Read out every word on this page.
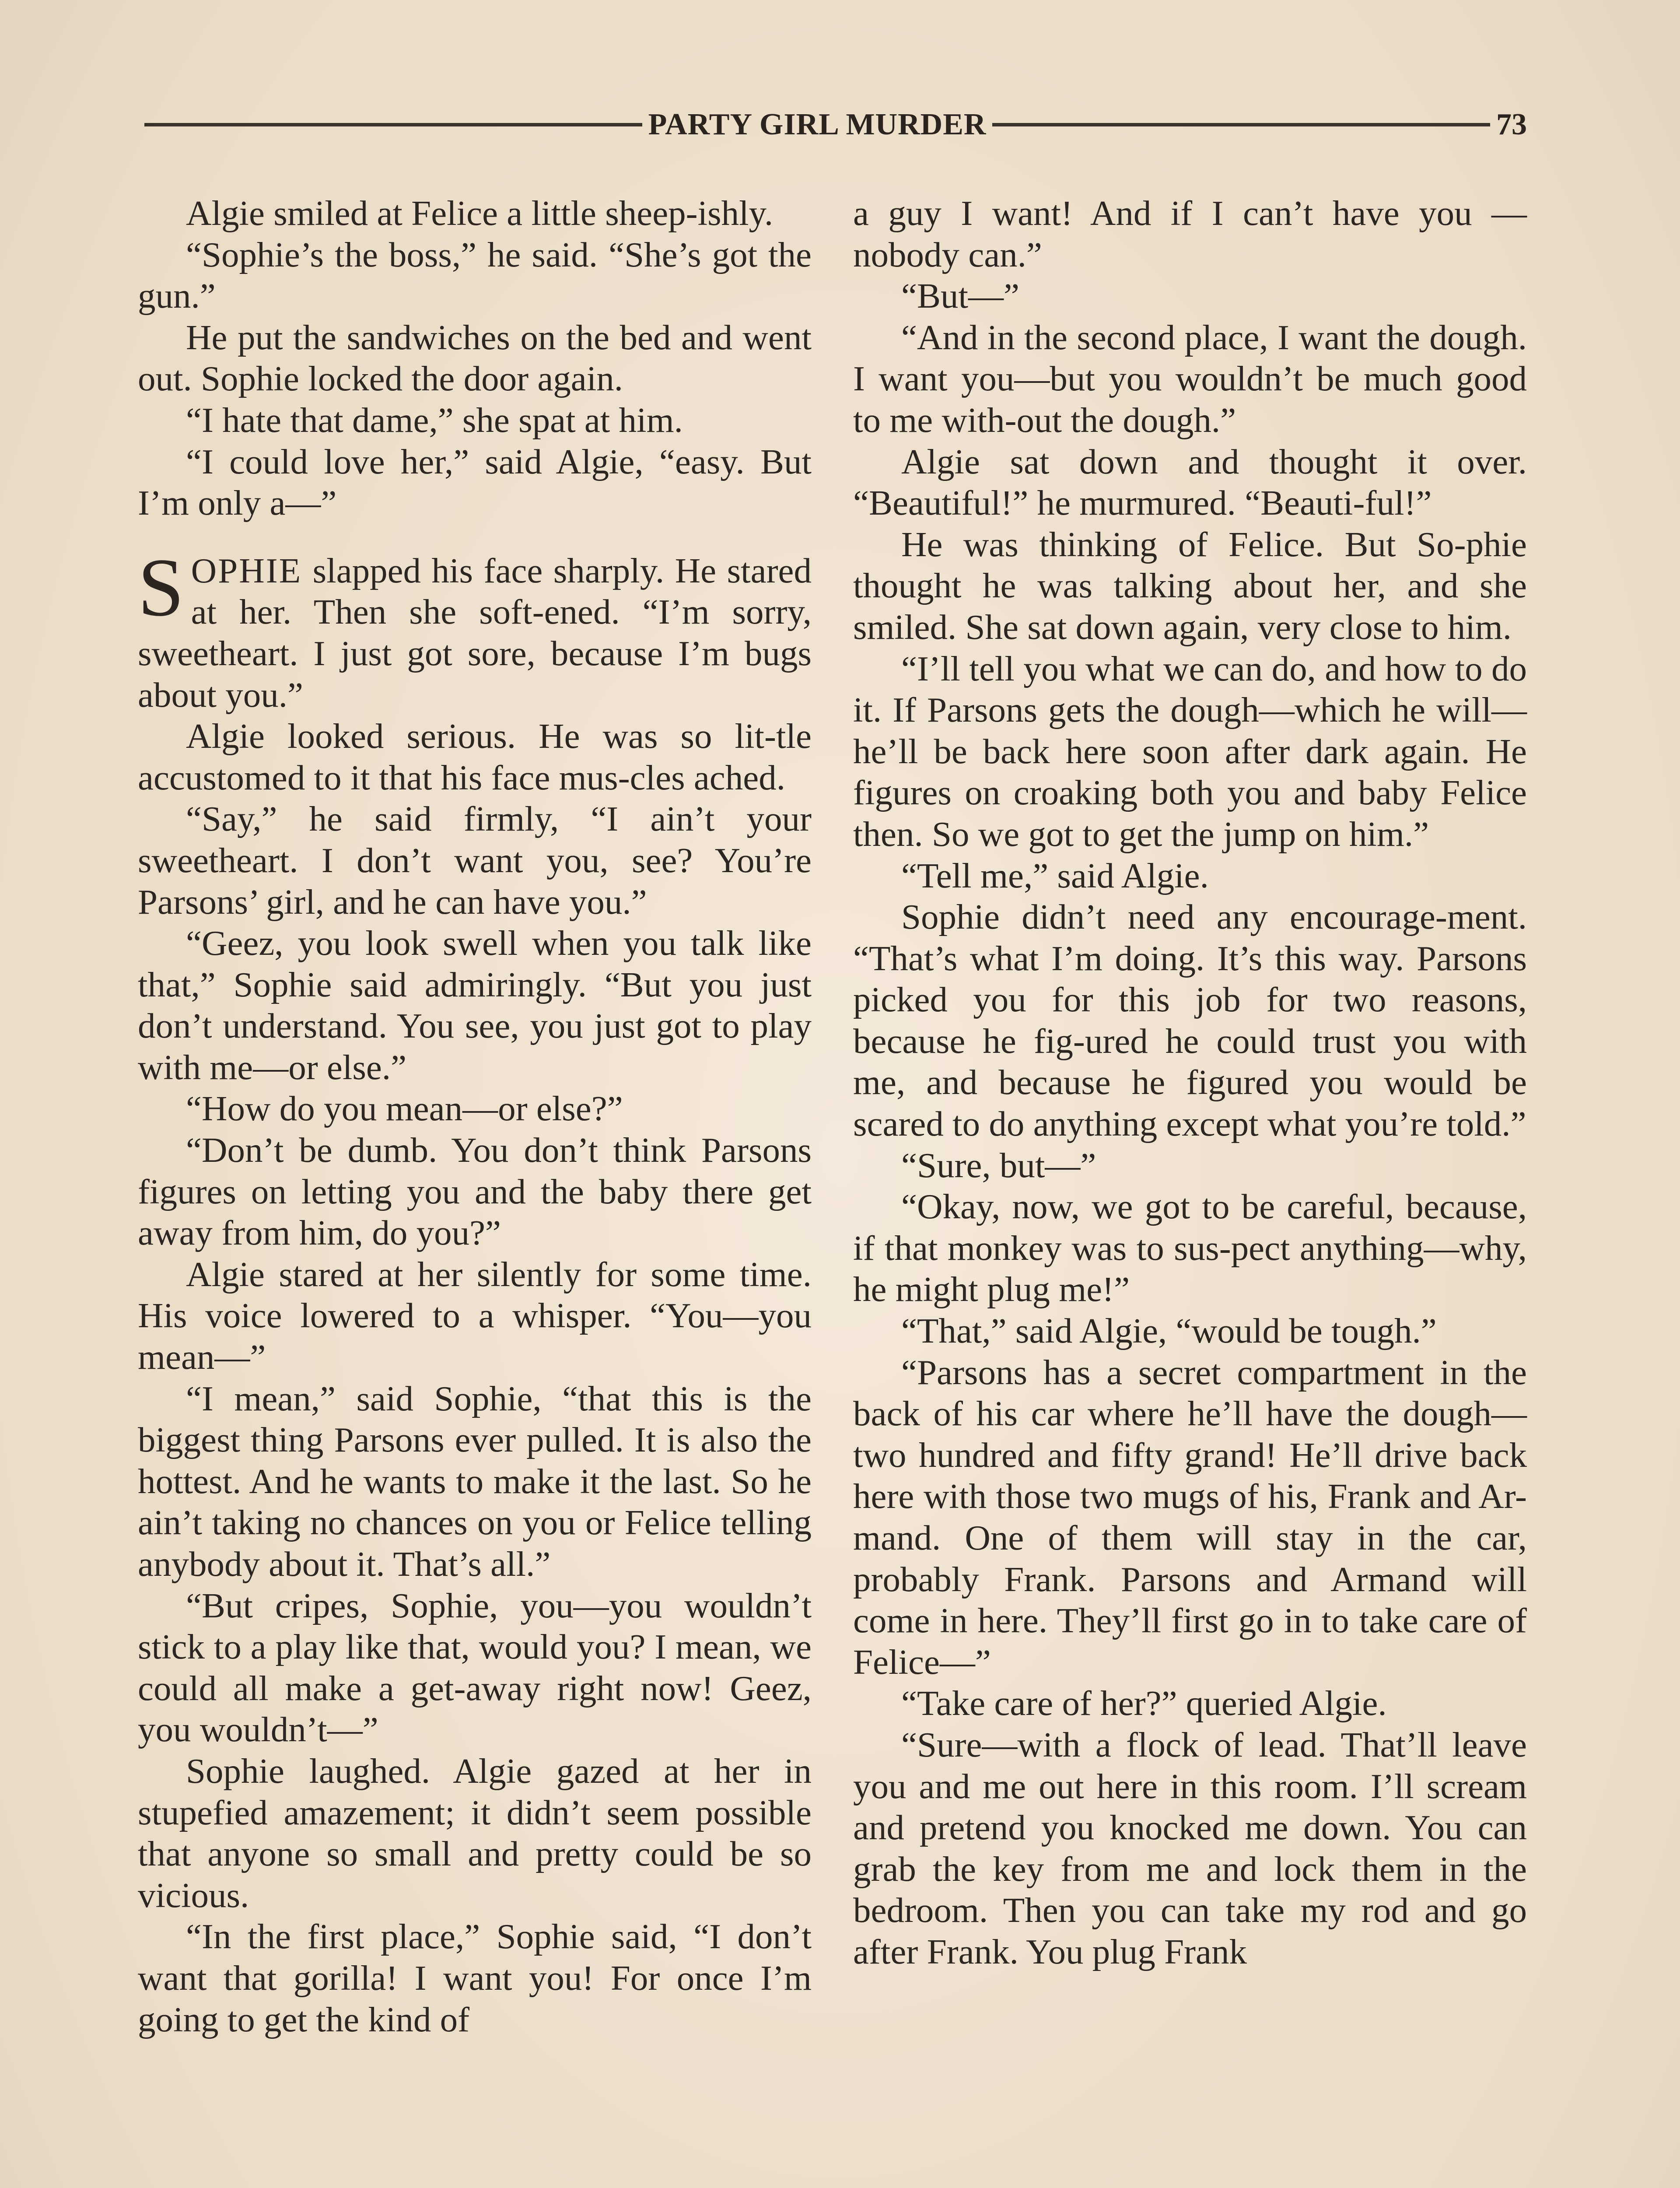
PARTY GIRL MURDER	73

Algie smiled at Felice a little sheep-ishly.

“Sophie’s the boss,” he said. “She’s got the gun.”

He put the sandwiches on the bed and went out. Sophie locked the door again.

“I hate that dame,” she spat at him.

“I could love her,” said Algie, “easy. But I’m only a—”

SOPHIE slapped his face sharply. He stared at her. Then she soft-ened. “I’m sorry, sweetheart. I just got sore, because I’m bugs about you.”

Algie looked serious. He was so lit-tle accustomed to it that his face mus-cles ached.

“Say,” he said firmly, “I ain’t your sweetheart. I don’t want you, see? You’re Parsons’ girl, and he can have you.”

“Geez, you look swell when you talk like that,” Sophie said admiringly. “But you just don’t understand. You see, you just got to play with me—or else.”

“How do you mean—or else?”

“Don’t be dumb. You don’t think Parsons figures on letting you and the baby there get away from him, do you?”

Algie stared at her silently for some time. His voice lowered to a whisper. “You—you mean—”

“I mean,” said Sophie, “that this is the biggest thing Parsons ever pulled. It is also the hottest. And he wants to make it the last. So he ain’t taking no chances on you or Felice telling anybody about it. That’s all.”

“But cripes, Sophie, you—you wouldn’t stick to a play like that, would you? I mean, we could all make a get-away right now! Geez, you wouldn’t—”

Sophie laughed. Algie gazed at her in stupefied amazement; it didn’t seem possible that anyone so small and pretty could be so vicious.

“In the first place,” Sophie said, “I don’t want that gorilla! I want you! For once I’m going to get the kind of

a guy I want! And if I can’t have you —nobody can.”

“But—”

“And in the second place, I want the dough. I want you—but you wouldn’t be much good to me with-out the dough.”

Algie sat down and thought it over. “Beautiful!” he murmured. “Beauti-ful!”

He was thinking of Felice. But So-phie thought he was talking about her, and she smiled. She sat down again, very close to him.

“I’ll tell you what we can do, and how to do it. If Parsons gets the dough—which he will—he’ll be back here soon after dark again. He figures on croaking both you and baby Felice then. So we got to get the jump on him.”

“Tell me,” said Algie.

Sophie didn’t need any encourage-ment. “That’s what I’m doing. It’s this way. Parsons picked you for this job for two reasons, because he fig-ured he could trust you with me, and because he figured you would be scared to do anything except what you’re told.”

“Sure, but—”

“Okay, now, we got to be careful, because, if that monkey was to sus-pect anything—why, he might plug me!”

“That,” said Algie, “would be tough.”

“Parsons has a secret compartment in the back of his car where he’ll have the dough—two hundred and fifty grand! He’ll drive back here with those two mugs of his, Frank and Ar-mand. One of them will stay in the car, probably Frank. Parsons and Armand will come in here. They’ll first go in to take care of Felice—”

“Take care of her?” queried Algie.

“Sure—with a flock of lead. That’ll leave you and me out here in this room. I’ll scream and pretend you knocked me down. You can grab the key from me and lock them in the bedroom. Then you can take my rod and go after Frank. You plug Frank
